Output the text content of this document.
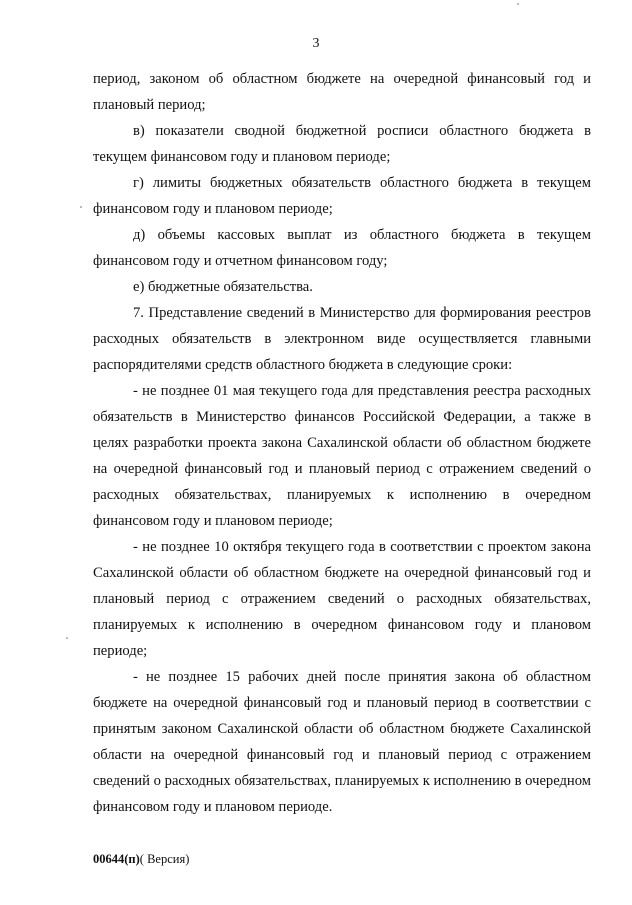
3

период, законом об областном бюджете на очередной финансовый год и плановый период;

в) показатели сводной бюджетной росписи областного бюджета в текущем финансовом году и плановом периоде;

г) лимиты бюджетных обязательств областного бюджета в текущем финансовом году и плановом периоде;

д) объемы кассовых выплат из областного бюджета в текущем финансовом году и отчетном финансовом году;

е) бюджетные обязательства.

7. Представление сведений в Министерство для формирования реестров расходных обязательств в электронном виде осуществляется главными распорядителями средств областного бюджета в следующие сроки:

- не позднее 01 мая текущего года для представления реестра расходных обязательств в Министерство финансов Российской Федерации, а также в целях разработки проекта закона Сахалинской области об областном бюджете на очередной финансовый год и плановый период с отражением сведений о расходных обязательствах, планируемых к исполнению в очередном финансовом году и плановом периоде;

- не позднее 10 октября текущего года в соответствии с проектом закона Сахалинской области об областном бюджете на очередной финансовый год и плановый период с отражением сведений о расходных обязательствах, планируемых к исполнению в очередном финансовом году и плановом периоде;

- не позднее 15 рабочих дней после принятия закона об областном бюджете на очередной финансовый год и плановый период в соответствии с принятым законом Сахалинской области об областном бюджете Сахалинской области на очередной финансовый год и плановый период с отражением сведений о расходных обязательствах, планируемых к исполнению в очередном финансовом году и плановом периоде.

00644(п)( Версия)
